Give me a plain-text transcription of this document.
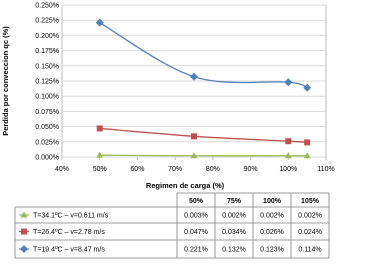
0.000%
0.025%
0.050%
0.075%
0.100%
0.125%
0.150%
0.175%
0.200%
0.225%
0.250%
40%	50%	60%	70%	80%	90%	100%	110%
Perdida por conveccion qc (%)
Regimen de carga (%)
50%	75%	100%	105%
T=34.1ºC – v=0.611 m/s	0.003% 0.002% 0.002% 0.002%
T=26.4ºC – v=2.78 m/s	0.047% 0.034% 0.026% 0.024%
T=19.4ºC – v=8.47 m/s	0.221% 0.132% 0.123% 0.114%
